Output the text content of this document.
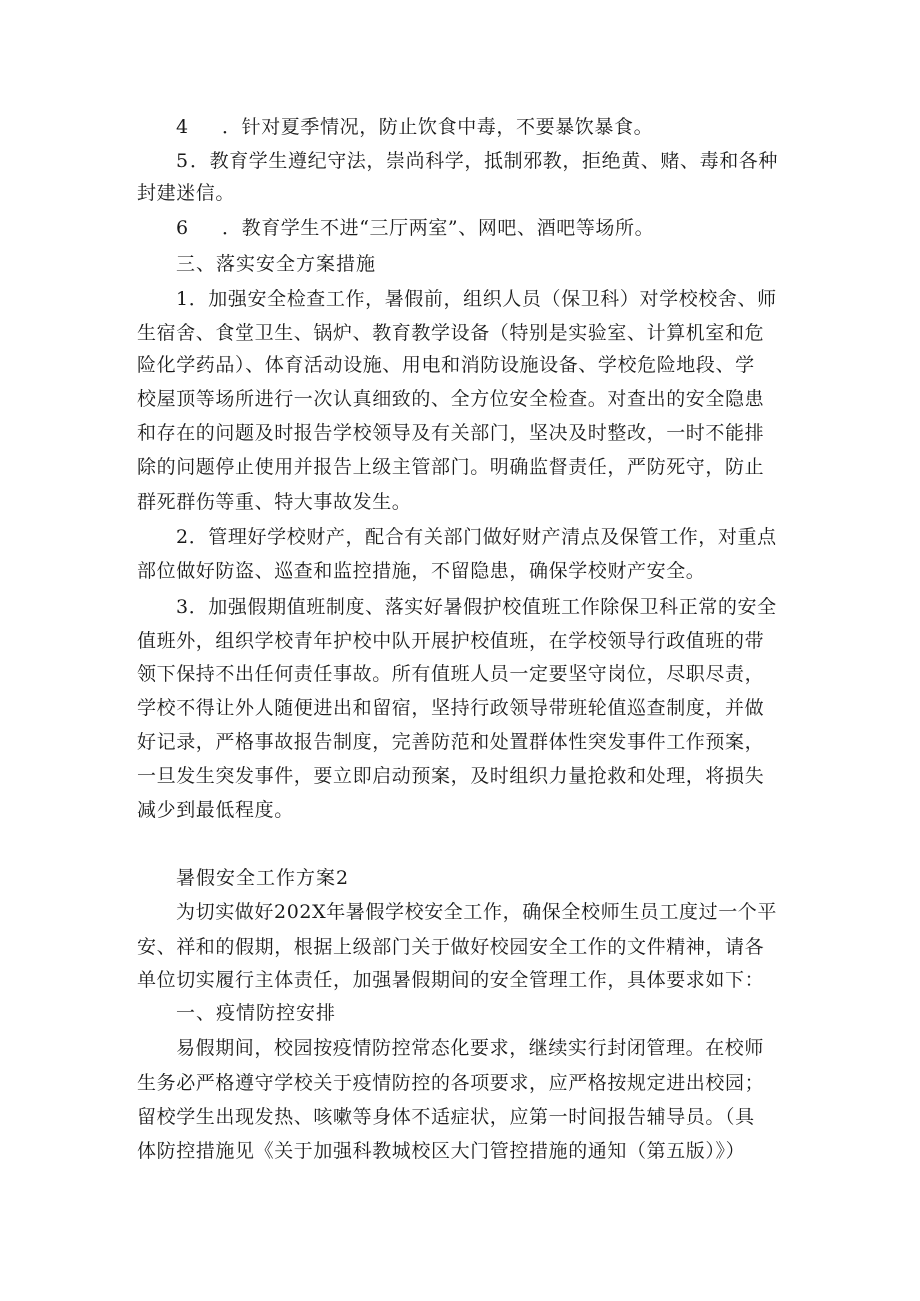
4 ．针对夏季情况，防止饮食中毒，不要暴饮暴食。
5．教育学生遵纪守法，崇尚科学，抵制邪教，拒绝黄、赌、毒和各种
封建迷信。
6 ．教育学生不进“三厅两室”、网吧、酒吧等场所。
三、落实安全方案措施
1．加强安全检查工作，暑假前，组织人员（保卫科）对学校校舍、师
生宿舍、食堂卫生、锅炉、教育教学设备（特别是实验室、计算机室和危
险化学药品）、体育活动设施、用电和消防设施设备、学校危险地段、学
校屋顶等场所进行一次认真细致的、全方位安全检查。对查出的安全隐患
和存在的问题及时报告学校领导及有关部门，坚决及时整改，一时不能排
除的问题停止使用并报告上级主管部门。明确监督责任，严防死守，防止
群死群伤等重、特大事故发生。
2．管理好学校财产，配合有关部门做好财产清点及保管工作，对重点
部位做好防盗、巡查和监控措施，不留隐患，确保学校财产安全。
3．加强假期值班制度、落实好暑假护校值班工作除保卫科正常的安全
值班外，组织学校青年护校中队开展护校值班，在学校领导行政值班的带
领下保持不出任何责任事故。所有值班人员一定要坚守岗位，尽职尽责，
学校不得让外人随便进出和留宿，坚持行政领导带班轮值巡查制度，并做
好记录，严格事故报告制度，完善防范和处置群体性突发事件工作预案，
一旦发生突发事件，要立即启动预案，及时组织力量抢救和处理，将损失
减少到最低程度。
暑假安全工作方案2
为切实做好202X年暑假学校安全工作，确保全校师生员工度过一个平
安、祥和的假期，根据上级部门关于做好校园安全工作的文件精神，请各
单位切实履行主体责任，加强暑假期间的安全管理工作，具体要求如下：
一、疫情防控安排
易假期间，校园按疫情防控常态化要求，继续实行封闭管理。在校师
生务必严格遵守学校关于疫情防控的各项要求，应严格按规定进出校园；
留校学生出现发热、咳嗽等身体不适症状，应第一时间报告辅导员。（具
体防控措施见《关于加强科教城校区大门管控措施的通知（第五版）》）
